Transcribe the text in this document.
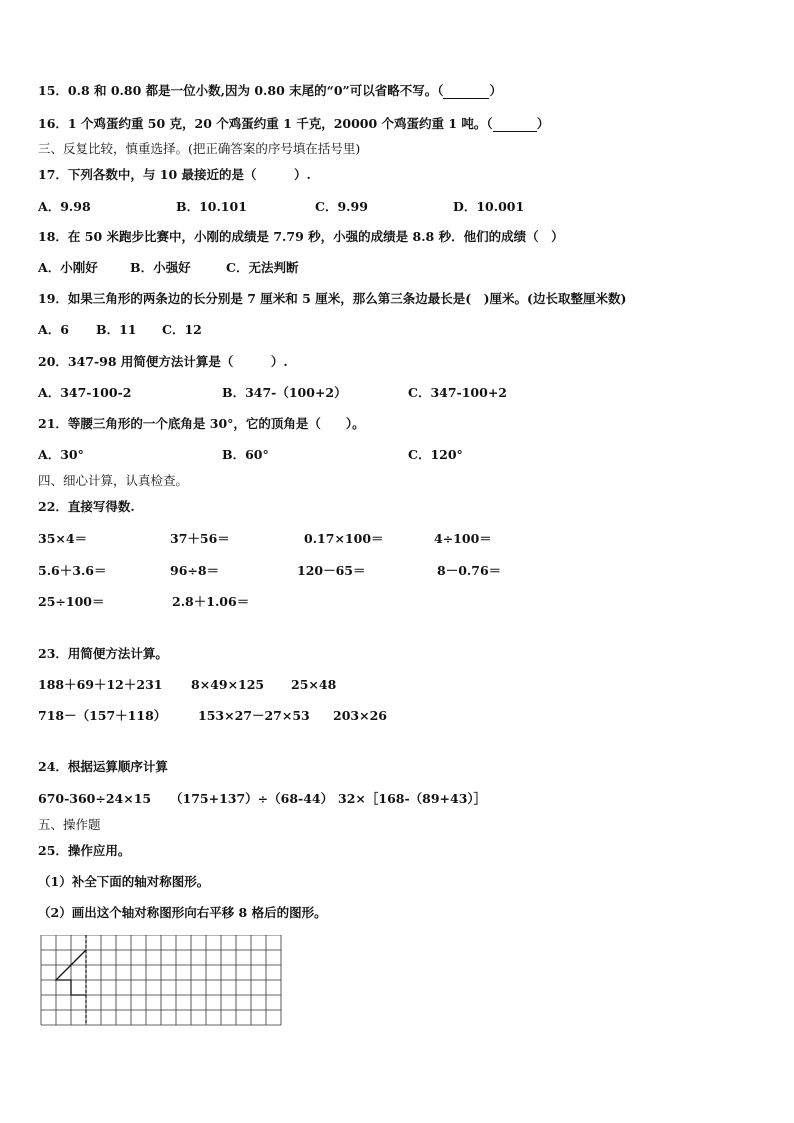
15．0.8 和 0.80 都是一位小数,因为 0.80 末尾的“0”可以省略不写。（	）
16．1 个鸡蛋约重 50 克，20 个鸡蛋约重 1 千克，20000 个鸡蛋约重 1 吨。（	）
三、反复比较，慎重选择。(把正确答案的序号填在括号里)
17．下列各数中，与 10 最接近的是（　　　）.
A．9.98	B．10.101	C．9.99	D．10.001
18．在 50 米跑步比赛中，小刚的成绩是 7.79 秒，小强的成绩是 8.8 秒．他们的成绩（　）
A．小刚好	B．小强好	C．无法判断
19．如果三角形的两条边的长分别是 7 厘米和 5 厘米，那么第三条边最长是(　)厘米。(边长取整厘米数)
A．6 B．11 C．12
20．347-98 用简便方法计算是（　　　）.
A．347-100-2	B．347-（100+2）	C．347-100+2
21．等腰三角形的一个底角是 30°，它的顶角是（　　）。
A．30°	B．60°	C．120°
四、细心计算，认真检查。
22．直接写得数.
35×4＝	37＋56＝	0.17×100＝	4÷100＝
5.6＋3.6＝	96÷8＝	120－65＝	8－0.76＝
25÷100＝	2.8＋1.06＝
23．用简便方法计算。
188＋69＋12＋231 8×49×125 25×48
718－（157＋118）	153×27－27×53 203×26
24．根据运算顺序计算
670-360÷24×15 （175+137）÷（68-44） 32×［168-（89+43）］
五、操作题
25．操作应用。
（1）补全下面的轴对称图形。
（2）画出这个轴对称图形向右平移 8 格后的图形。
